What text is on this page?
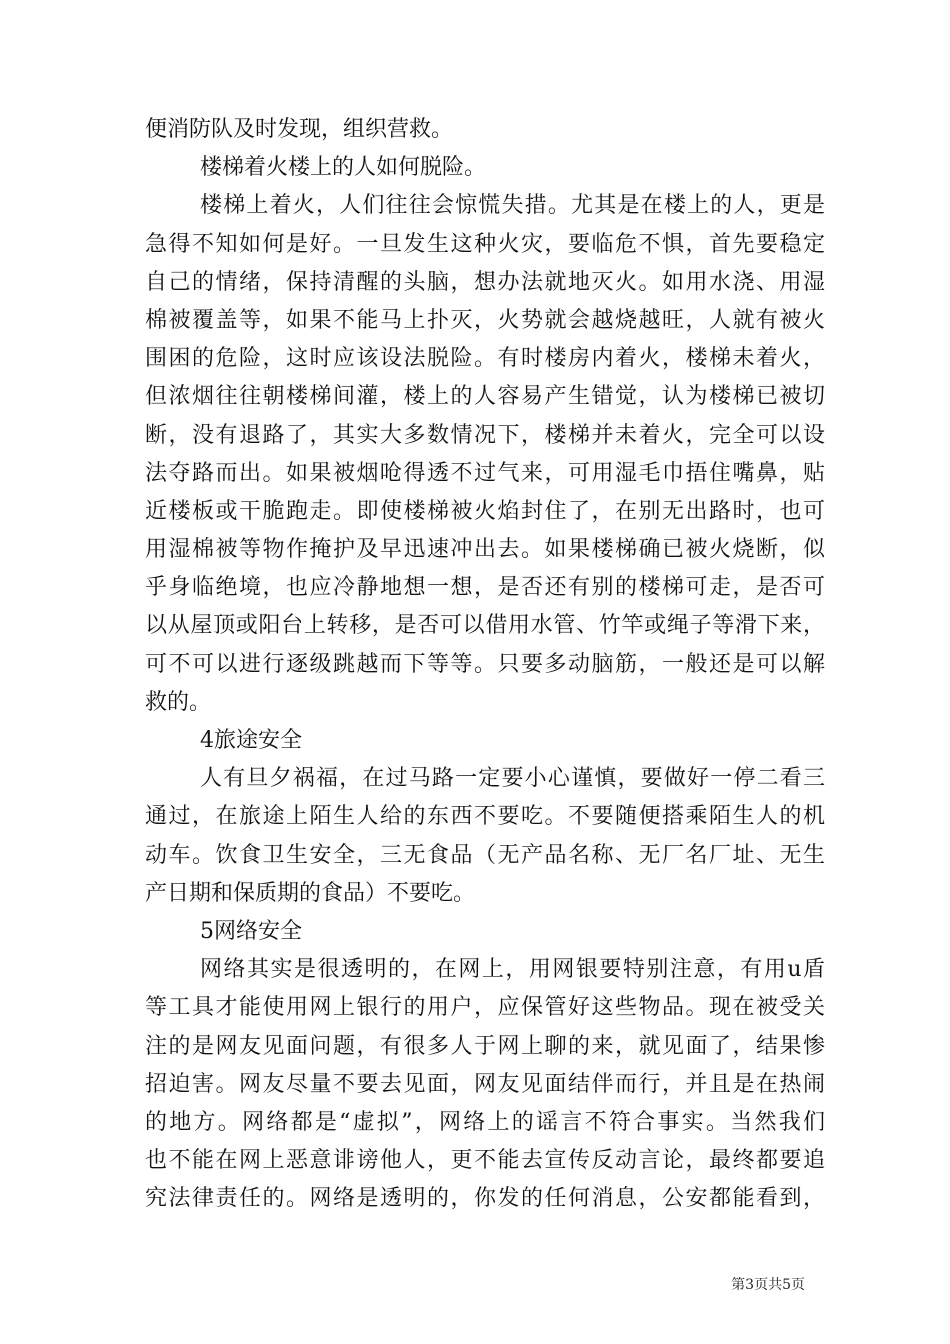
便消防队及时发现，组织营救。
楼梯着火楼上的人如何脱险。
楼梯上着火，人们往往会惊慌失措。尤其是在楼上的人，更是
急得不知如何是好。一旦发生这种火灾，要临危不惧，首先要稳定
自己的情绪，保持清醒的头脑，想办法就地灭火。如用水浇、用湿
棉被覆盖等，如果不能马上扑灭，火势就会越烧越旺，人就有被火
围困的危险，这时应该设法脱险。有时楼房内着火，楼梯未着火，
但浓烟往往朝楼梯间灌，楼上的人容易产生错觉，认为楼梯已被切
断，没有退路了，其实大多数情况下，楼梯并未着火，完全可以设
法夺路而出。如果被烟呛得透不过气来，可用湿毛巾捂住嘴鼻，贴
近楼板或干脆跑走。即使楼梯被火焰封住了，在别无出路时，也可
用湿棉被等物作掩护及早迅速冲出去。如果楼梯确已被火烧断，似
乎身临绝境，也应冷静地想一想，是否还有别的楼梯可走，是否可
以从屋顶或阳台上转移，是否可以借用水管、竹竿或绳子等滑下来，
可不可以进行逐级跳越而下等等。只要多动脑筋，一般还是可以解
救的。
4旅途安全
人有旦夕祸福，在过马路一定要小心谨慎，要做好一停二看三
通过，在旅途上陌生人给的东西不要吃。不要随便搭乘陌生人的机
动车。饮食卫生安全，三无食品（无产品名称、无厂名厂址、无生
产日期和保质期的食品）不要吃。
5网络安全
网络其实是很透明的，在网上，用网银要特别注意，有用u盾
等工具才能使用网上银行的用户，应保管好这些物品。现在被受关
注的是网友见面问题，有很多人于网上聊的来，就见面了，结果惨
招迫害。网友尽量不要去见面，网友见面结伴而行，并且是在热闹
的地方。网络都是“虚拟”，网络上的谣言不符合事实。当然我们
也不能在网上恶意诽谤他人，更不能去宣传反动言论，最终都要追
究法律责任的。网络是透明的，你发的任何消息，公安都能看到，
第3页共5页
